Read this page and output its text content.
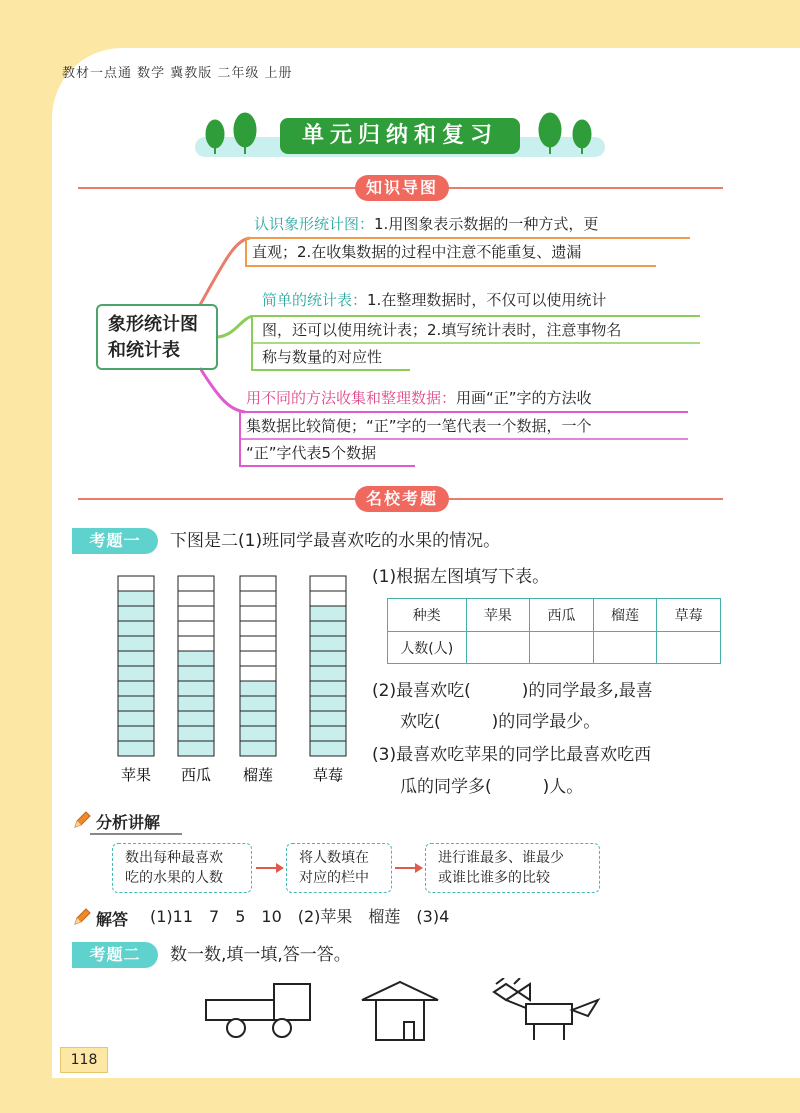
教材一点通 数学 冀教版 二年级 上册
单元归纳和复习
知识导图
象形统计图
和统计表
认识象形统计图：1.用图象表示数据的一种方式，更
直观；2.在收集数据的过程中注意不能重复、遗漏
简单的统计表：1.在整理数据时，不仅可以使用统计
图，还可以使用统计表；2.填写统计表时，注意事物名
称与数量的对应性
用不同的方法收集和整理数据：用画“正”字的方法收
集数据比较简便；“正”字的一笔代表一个数据，一个
“正”字代表5个数据
名校考题
考题一	下图是二(1)班同学最喜欢吃的水果的情况。
苹果 西瓜 榴莲	草莓
(1)根据左图填写下表。
种类	苹果	西瓜	榴莲	草莓
人数(人)				
(2)最喜欢吃(　　　)的同学最多,最喜
欢吃(　　　)的同学最少。
(3)最喜欢吃苹果的同学比最喜欢吃西
瓜的同学多(　　　)人。
分析讲解
数出每种最喜欢
吃的水果的人数
将人数填在
对应的栏中
进行谁最多、谁最少
或谁比谁多的比较
解答 (1)11　7　5　10　(2)苹果　榴莲　(3)4
考题二	数一数,填一填,答一答。
118
